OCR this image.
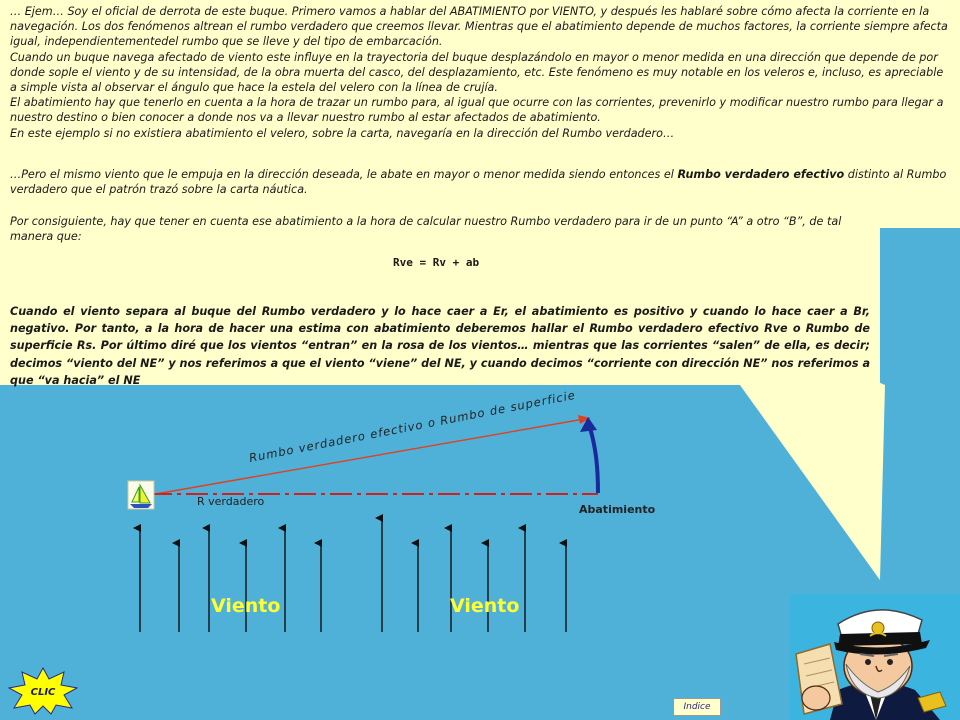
… Ejem… Soy el oficial de derrota de este buque. Primero vamos a hablar del ABATIMIENTO por VIENTO, y después les hablaré sobre cómo afecta la corriente en la navegación. Los dos fenómenos altrean el rumbo verdadero que creemos llevar. Mientras que el abatimiento depende de muchos factores, la corriente siempre afecta igual, independientementedel rumbo que se lleve y del tipo de embarcación.

Cuando un buque navega afectado de viento este influye en la trayectoria del buque desplazándolo en mayor o menor medida en una dirección que depende de por donde sople el viento y de su intensidad, de la obra muerta del casco, del desplazamiento, etc. Este fenómeno es muy notable en los veleros e, incluso, es apreciable a simple vista al observar el ángulo que hace la estela del velero con la línea de crujía.

El abatimiento hay que tenerlo en cuenta a la hora de trazar un rumbo para, al igual que ocurre con las corrientes, prevenirlo y modificar nuestro rumbo para llegar a nuestro destino o bien conocer a donde nos va a llevar nuestro rumbo al estar afectados de abatimiento.

En este ejemplo si no existiera abatimiento el velero, sobre la carta, navegaría en la dirección del Rumbo verdadero…

…Pero el mismo viento que le empuja en la dirección deseada, le abate en mayor o menor medida siendo entonces el Rumbo verdadero efectivo distinto al Rumbo verdadero que el patrón trazó sobre la carta náutica.
Por consiguiente, hay que tener en cuenta ese abatimiento a la hora de calcular nuestro Rumbo verdadero para ir de un punto “A” a otro “B”, de tal manera que:
Rve = Rv + ab
Cuando el viento separa al buque del Rumbo verdadero y lo hace caer a Er, el abatimiento es positivo y cuando lo hace caer a Br, negativo. Por tanto, a la hora de hacer una estima con abatimiento deberemos hallar el Rumbo verdadero efectivo Rve o Rumbo de superficie Rs. Por último diré que los vientos “entran” en la rosa de los vientos… mientras que las corrientes “salen” de ella, es decir; decimos “viento del NE” y nos referimos a que el viento “viene” del NE, y cuando decimos “corriente con dirección NE” nos referimos a que “va hacia” el NE
Rumbo verdadero efectivo o Rumbo de superficie
R verdadero
Abatimiento
Viento	Viento
CLIC
Indice
